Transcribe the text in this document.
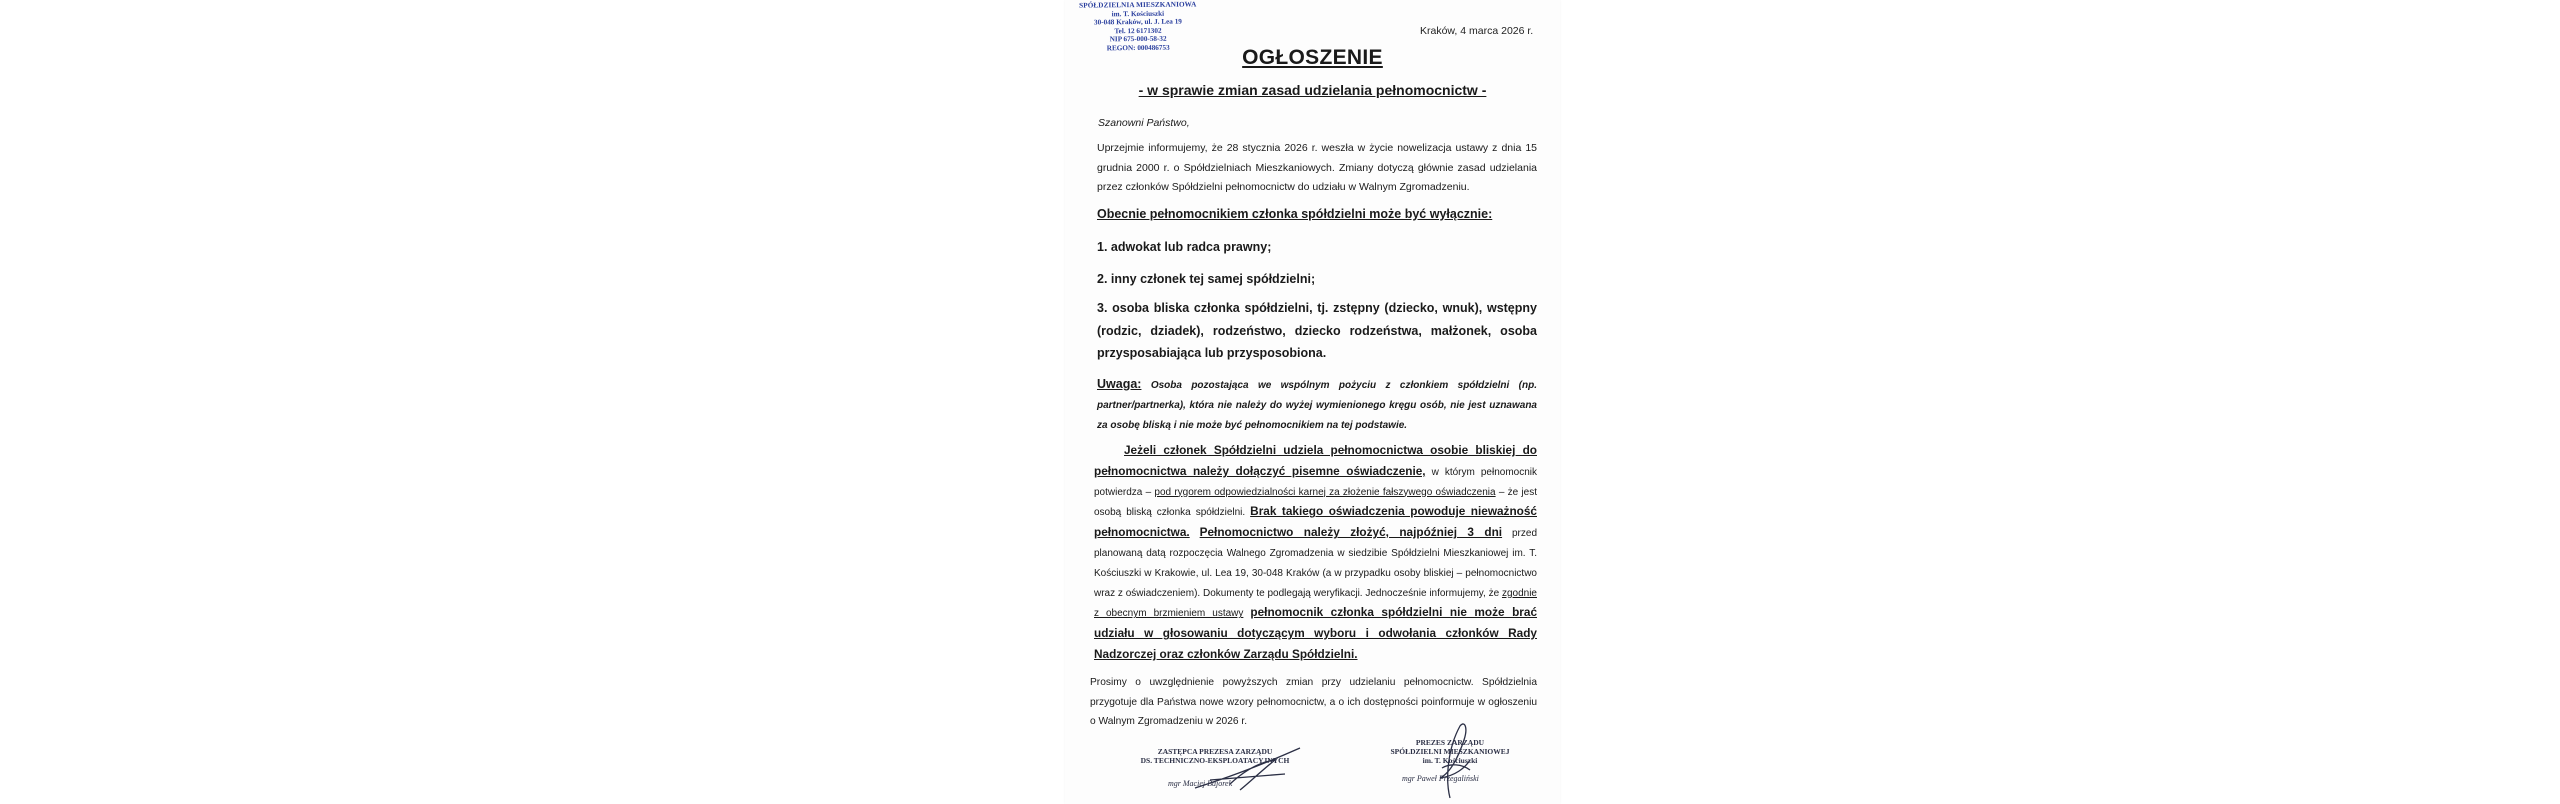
SPÓŁDZIELNIA MIESZKANIOWA
im. T. Kościuszki
30-048 Kraków, ul. J. Lea 19
Tel. 12 6171302
NIP 675-000-58-32
REGON: 000486753
Kraków, 4 marca 2026 r.
OGŁOSZENIE
- w sprawie zmian zasad udzielania pełnomocnictw -
Szanowni Państwo,
Uprzejmie informujemy, że 28 stycznia 2026 r. weszła w życie nowelizacja ustawy z dnia 15 grudnia 2000 r. o Spółdzielniach Mieszkaniowych. Zmiany dotyczą głównie zasad udzielania przez członków Spółdzielni pełnomocnictw do udziału w Walnym Zgromadzeniu.
Obecnie pełnomocnikiem członka spółdzielni może być wyłącznie:
1. adwokat lub radca prawny;
2. inny członek tej samej spółdzielni;
3. osoba bliska członka spółdzielni, tj. zstępny (dziecko, wnuk), wstępny (rodzic, dziadek), rodzeństwo, dziecko rodzeństwa, małżonek, osoba przysposabiająca lub przysposobiona.
Uwaga: Osoba pozostająca we wspólnym pożyciu z członkiem spółdzielni (np. partner/partnerka), która nie należy do wyżej wymienionego kręgu osób, nie jest uznawana za osobę bliską i nie może być pełnomocnikiem na tej podstawie.
Jeżeli członek Spółdzielni udziela pełnomocnictwa osobie bliskiej do pełnomocnictwa należy dołączyć pisemne oświadczenie, w którym pełnomocnik potwierdza – pod rygorem odpowiedzialności karnej za złożenie fałszywego oświadczenia – że jest osobą bliską członka spółdzielni. Brak takiego oświadczenia powoduje nieważność pełnomocnictwa. Pełnomocnictwo należy złożyć, najpóźniej 3 dni przed planowaną datą rozpoczęcia Walnego Zgromadzenia w siedzibie Spółdzielni Mieszkaniowej im. T. Kościuszki w Krakowie, ul. Lea 19, 30-048 Kraków (a w przypadku osoby bliskiej – pełnomocnictwo wraz z oświadczeniem). Dokumenty te podlegają weryfikacji. Jednocześnie informujemy, że zgodnie z obecnym brzmieniem ustawy pełnomocnik członka spółdzielni nie może brać udziału w głosowaniu dotyczącym wyboru i odwołania członków Rady Nadzorczej oraz członków Zarządu Spółdzielni.
Prosimy o uwzględnienie powyższych zmian przy udzielaniu pełnomocnictw. Spółdzielnia przygotuje dla Państwa nowe wzory pełnomocnictw, a o ich dostępności poinformuje w ogłoszeniu o Walnym Zgromadzeniu w 2026 r.
ZASTĘPCA PREZESA ZARZĄDU
DS. TECHNICZNO-EKSPLOATACYJNYCH
mgr Maciej Bajorek
PREZES ZARZĄDU
SPÓŁDZIELNI MIESZKANIOWEJ
im. T. Kościuszki
mgr Paweł Przegaliński
